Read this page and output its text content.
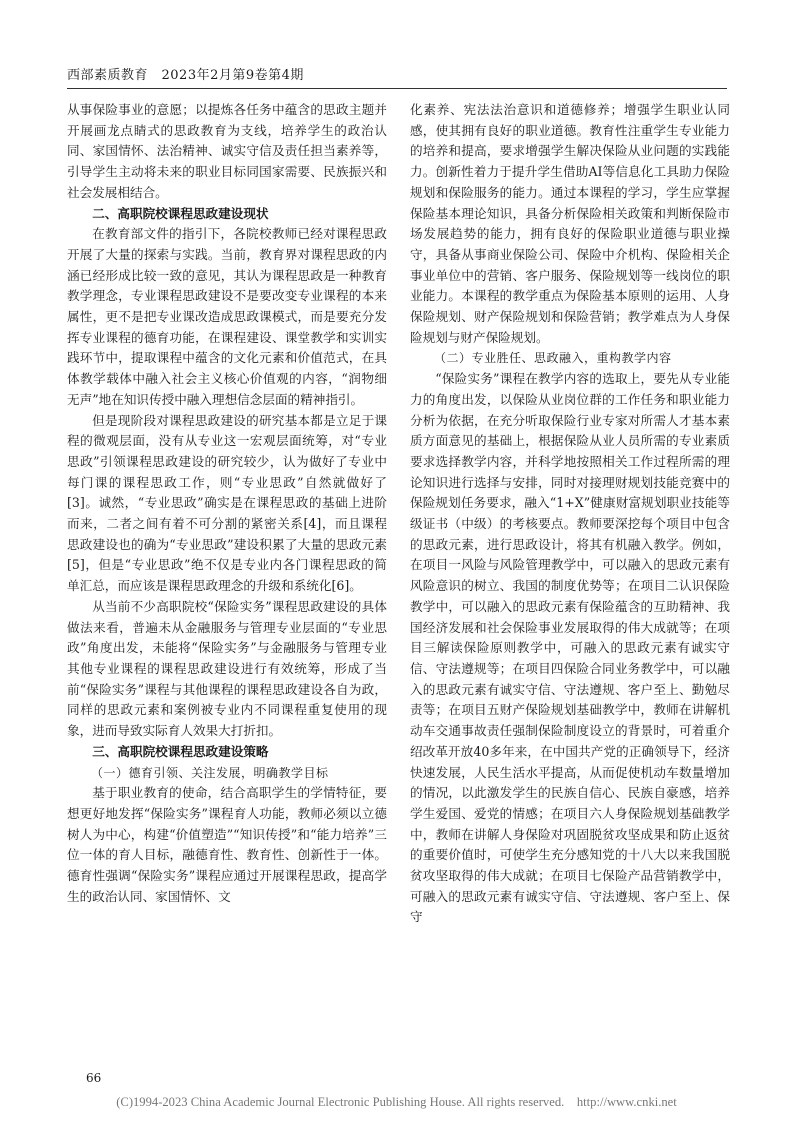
西部素质教育　2023年2月第9卷第4期

从事保险事业的意愿；以提炼各任务中蕴含的思政主题并开展画龙点睛式的思政教育为支线，培养学生的政治认同、家国情怀、法治精神、诚实守信及责任担当素养等，引导学生主动将未来的职业目标同国家需要、民族振兴和社会发展相结合。

二、高职院校课程思政建设现状

在教育部文件的指引下，各院校教师已经对课程思政开展了大量的探索与实践。当前，教育界对课程思政的内涵已经形成比较一致的意见，其认为课程思政是一种教育教学理念，专业课程思政建设不是要改变专业课程的本来属性，更不是把专业课改造成思政课模式，而是要充分发挥专业课程的德育功能，在课程建设、课堂教学和实训实践环节中，提取课程中蕴含的文化元素和价值范式，在具体教学载体中融入社会主义核心价值观的内容，“润物细无声”地在知识传授中融入理想信念层面的精神指引。

但是现阶段对课程思政建设的研究基本都是立足于课程的微观层面，没有从专业这一宏观层面统筹，对“专业思政”引领课程思政建设的研究较少，认为做好了专业中每门课的课程思政工作，则“专业思政”自然就做好了[3]。诚然，“专业思政”确实是在课程思政的基础上进阶而来，二者之间有着不可分割的紧密关系[4]，而且课程思政建设也的确为“专业思政”建设积累了大量的思政元素[5]，但是“专业思政”绝不仅是专业内各门课程思政的简单汇总，而应该是课程思政理念的升级和系统化[6]。

从当前不少高职院校“保险实务”课程思政建设的具体做法来看，普遍未从金融服务与管理专业层面的“专业思政”角度出发，未能将“保险实务”与金融服务与管理专业其他专业课程的课程思政建设进行有效统筹，形成了当前“保险实务”课程与其他课程的课程思政建设各自为政，同样的思政元素和案例被专业内不同课程重复使用的现象，进而导致实际育人效果大打折扣。

三、高职院校课程思政建设策略

（一）德育引领、关注发展，明确教学目标

基于职业教育的使命，结合高职学生的学情特征，要想更好地发挥“保险实务”课程育人功能，教师必须以立德树人为中心，构建“价值塑造”“知识传授”和“能力培养”三位一体的育人目标，融德育性、教育性、创新性于一体。德育性强调“保险实务”课程应通过开展课程思政，提高学生的政治认同、家国情怀、文

化素养、宪法法治意识和道德修养；增强学生职业认同感，使其拥有良好的职业道德。教育性注重学生专业能力的培养和提高，要求增强学生解决保险从业问题的实践能力。创新性着力于提升学生借助AI等信息化工具助力保险规划和保险服务的能力。通过本课程的学习，学生应掌握保险基本理论知识，具备分析保险相关政策和判断保险市场发展趋势的能力，拥有良好的保险职业道德与职业操守，具备从事商业保险公司、保险中介机构、保险相关企事业单位中的营销、客户服务、保险规划等一线岗位的职业能力。本课程的教学重点为保险基本原则的运用、人身保险规划、财产保险规划和保险营销；教学难点为人身保险规划与财产保险规划。

（二）专业胜任、思政融入，重构教学内容

“保险实务”课程在教学内容的选取上，要先从专业能力的角度出发，以保险从业岗位群的工作任务和职业能力分析为依据，在充分听取保险行业专家对所需人才基本素质方面意见的基础上，根据保险从业人员所需的专业素质要求选择教学内容，并科学地按照相关工作过程所需的理论知识进行选择与安排，同时对接理财规划技能竞赛中的保险规划任务要求，融入“1+X”健康财富规划职业技能等级证书（中级）的考核要点。教师要深挖每个项目中包含的思政元素，进行思政设计，将其有机融入教学。例如，在项目一风险与风险管理教学中，可以融入的思政元素有风险意识的树立、我国的制度优势等；在项目二认识保险教学中，可以融入的思政元素有保险蕴含的互助精神、我国经济发展和社会保险事业发展取得的伟大成就等；在项目三解读保险原则教学中，可融入的思政元素有诚实守信、守法遵规等；在项目四保险合同业务教学中，可以融入的思政元素有诚实守信、守法遵规、客户至上、勤勉尽责等；在项目五财产保险规划基础教学中，教师在讲解机动车交通事故责任强制保险制度设立的背景时，可着重介绍改革开放40多年来，在中国共产党的正确领导下，经济快速发展，人民生活水平提高，从而促使机动车数量增加的情况，以此激发学生的民族自信心、民族自豪感，培养学生爱国、爱党的情感；在项目六人身保险规划基础教学中，教师在讲解人身保险对巩固脱贫攻坚成果和防止返贫的重要价值时，可使学生充分感知党的十八大以来我国脱贫攻坚取得的伟大成就；在项目七保险产品营销教学中，可融入的思政元素有诚实守信、守法遵规、客户至上、保守

66
(C)1994-2023 China Academic Journal Electronic Publishing House. All rights reserved.　http://www.cnki.net
